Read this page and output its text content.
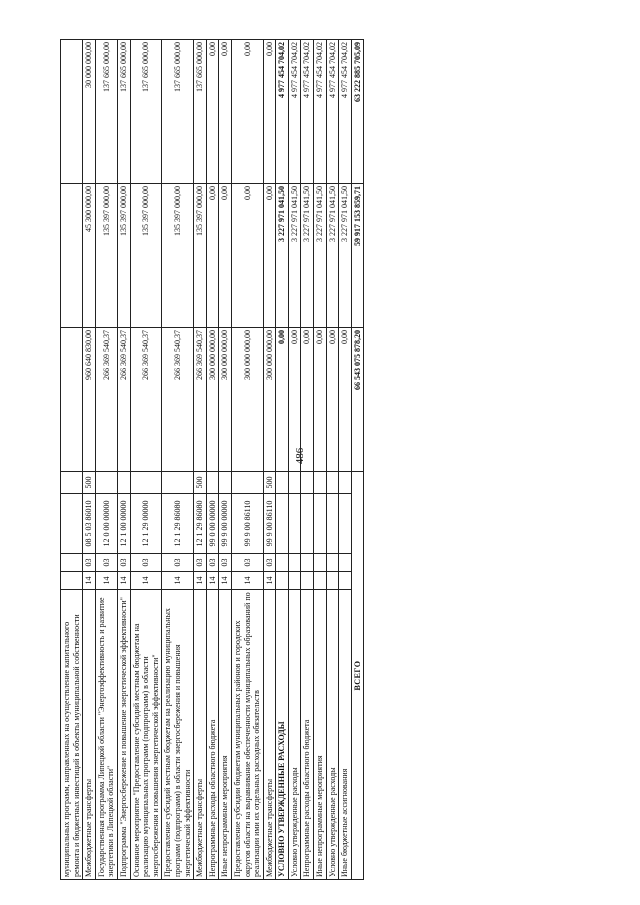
486
муниципальных программ, направленных на осуществление капитального ремонта и бюджетных инвестиций в объекты муниципальной собственности							
Межбюджетные трансферты	14	03	08 5 03 86010	500	960 640 830,00	45 300 000,00	30 000 000,00
Государственная программа Липецкой области "Энергоэффективность и развитие энергетики в Липецкой области"	14	03	12 0 00 00000		266 369 540,37	135 397 000,00	137 665 000,00
Подпрограмма "Энергосбережение и повышение энергетической эффективности"	14	03	12 1 00 00000		266 369 540,37	135 397 000,00	137 665 000,00
Основное мероприятие "Предоставление субсидий местным бюджетам на реализацию муниципальных программ (подпрограмм) в области энергосбережения и повышения энергетической эффективности"	14	03	12 1 29 00000		266 369 540,37	135 397 000,00	137 665 000,00
Предоставление субсидий местным бюджетам на реализацию муниципальных программ (подпрограмм) в области энергосбережения и повышения энергетической эффективности	14	03	12 1 29 86080		266 369 540,37	135 397 000,00	137 665 000,00
Межбюджетные трансферты	14	03	12 1 29 86080	500	266 369 540,37	135 397 000,00	137 665 000,00
Непрограммные расходы областного бюджета	14	03	99 0 00 00000		300 000 000,00	0,00	0,00
Иные непрограммные мероприятия	14	03	99 9 00 00000		300 000 000,00	0,00	0,00
Предоставление субсидии бюджетам муниципальных районов и городских округов области на выравнивание обеспеченности муниципальных образований по реализации ими их отдельных расходных обязательств	14	03	99 9 00 86110		300 000 000,00	0,00	0,00
Межбюджетные трансферты	14	03	99 9 00 86110	500	300 000 000,00	0,00	0,00
УСЛОВНО УТВЕРЖДЕННЫЕ РАСХОДЫ					0,00	3 227 971 041,50	4 977 454 704,02
Условно утвержденные расходы					0,00	3 227 971 041,50	4 977 454 704,02
Непрограммные расходы областного бюджета					0,00	3 227 971 041,50	4 977 454 704,02
Иные непрограммные мероприятия					0,00	3 227 971 041,50	4 977 454 704,02
Условно утвержденные расходы					0,00	3 227 971 041,50	4 977 454 704,02
Иные бюджетные ассигнования					0,00	3 227 971 041,50	4 977 454 704,02
ВСЕГО					66 543 075 878,20	59 917 153 859,71	63 222 885 705,09
